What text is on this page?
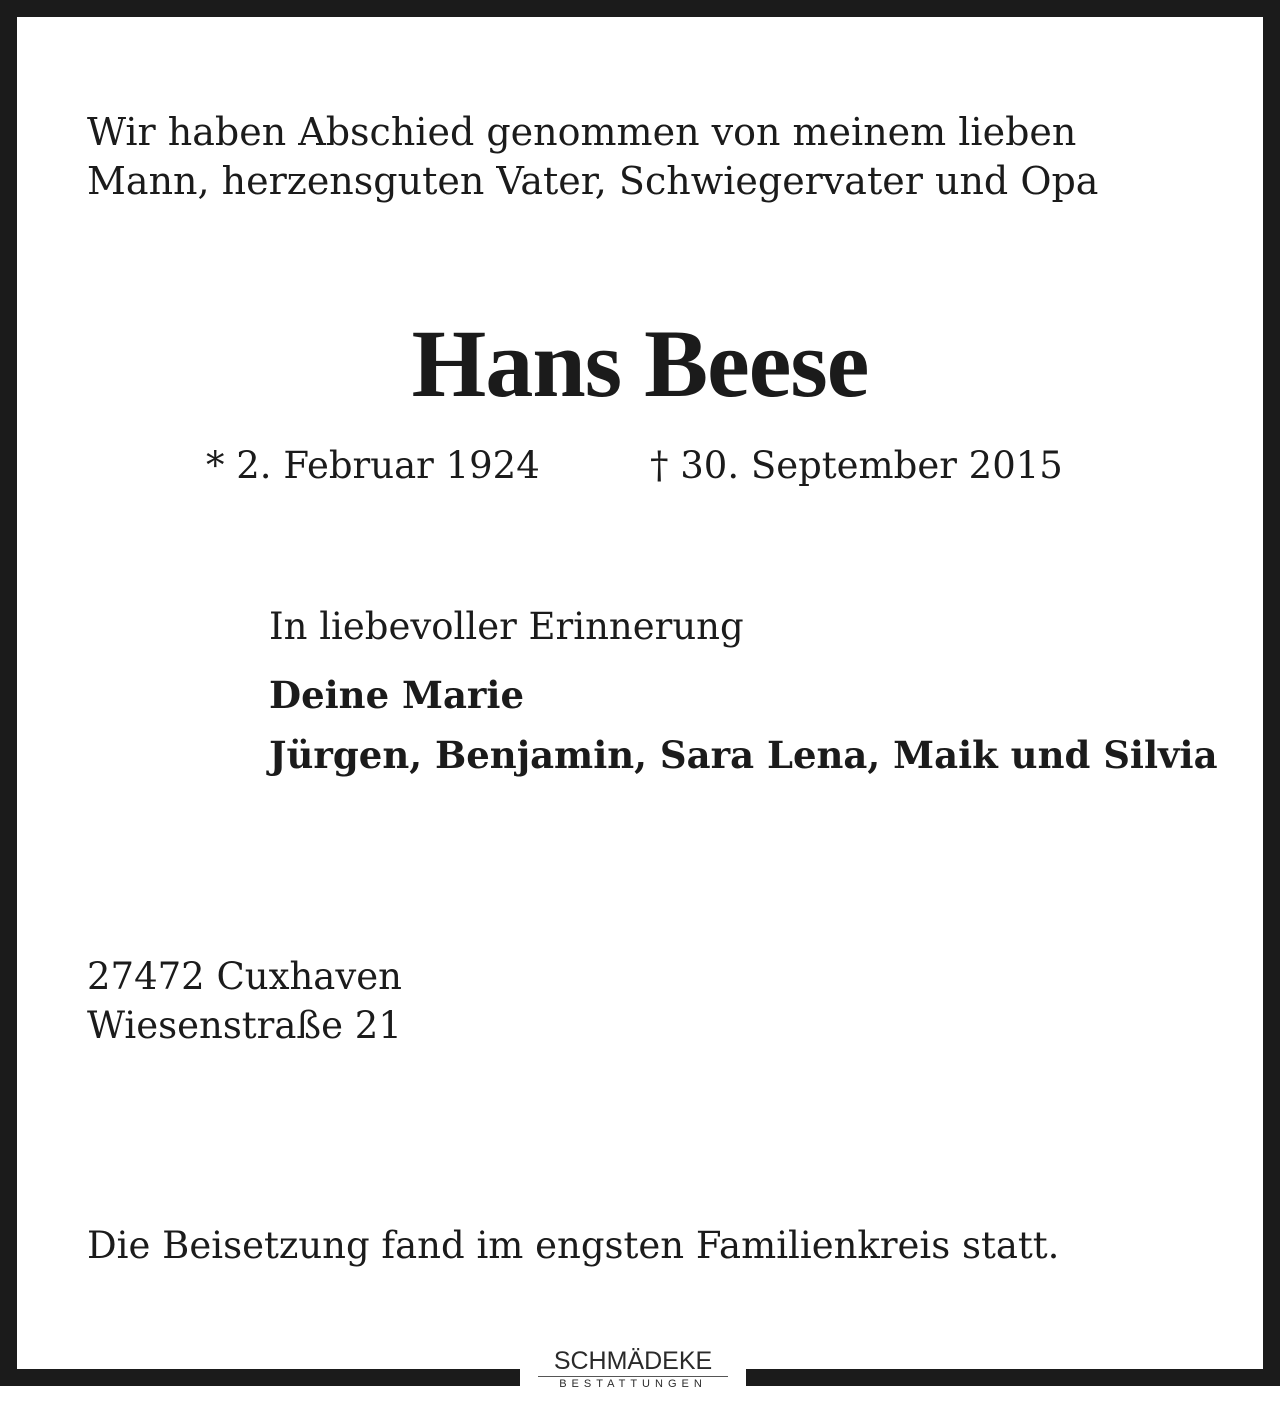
Wir haben Abschied genommen von meinem lieben
Mann, herzensguten Vater, Schwiegervater und Opa
Hans Beese
* 2. Februar 1924	† 30. September 2015
In liebevoller Erinnerung
Deine Marie
Jürgen, Benjamin, Sara Lena, Maik und Silvia
27472 Cuxhaven
Wiesenstraße 21
Die Beisetzung fand im engsten Familienkreis statt.
SCHMÄDEKE
BESTATTUNGEN
